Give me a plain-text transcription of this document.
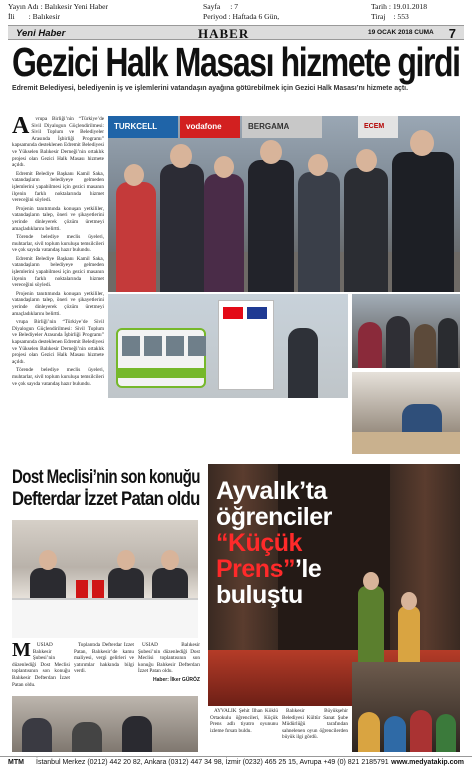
Yayın Adı : Balıkesir Yeni Haber	Sayfa : 7	Tarih : 19.01.2018
İli : Balıkesir	Periyod : Haftada 6 Gün,	Tiraj : 553
Yeni Haber	HABER	19 OCAK 2018 CUMA 7
Gezici Halk Masası hizmete girdi
Edremit Belediyesi, belediyenin iş ve işlemlerini vatandaşın ayağına götürebilmek için Gezici Halk Masası’nı hizmete açtı.
A	vrupa Birliği’nin “Türkiye’de Sivil Diyalogun Güçlendirilmesi: Sivil Toplum ve Belediyeler Arasında İşbirliği Programı” kapsamında desteklenen Edremit Belediyesi ve Yükselen Balıkesir Derneği’nin ortaklık projesi olan Gezici Halk Masası hizmete açıldı.

Edremit Belediye Başkanı Kamil Saka, vatandaşların belediyeye gelmeden işlemlerini yapabilmesi için gezici masanın ilçenin farklı noktalarında hizmet vereceğini söyledi.

Projenin tanıtımında konuşan yetkililer, vatandaşların talep, öneri ve şikayetlerini yerinde dinleyerek çözüm üretmeyi amaçladıklarını belirtti.

Törende belediye meclis üyeleri, muhtarlar, sivil toplum kuruluşu temsilcileri ve çok sayıda vatandaş hazır bulundu.

Edremit Belediye Başkanı Kamil Saka, vatandaşların belediyeye gelmeden işlemlerini yapabilmesi için gezici masanın ilçenin farklı noktalarında hizmet vereceğini söyledi.

Projenin tanıtımında konuşan yetkililer, vatandaşların talep, öneri ve şikayetlerini yerinde dinleyerek çözüm üretmeyi amaçladıklarını belirtti.

vrupa Birliği’nin “Türkiye’de Sivil Diyalogun Güçlendirilmesi: Sivil Toplum ve Belediyeler Arasında İşbirliği Programı” kapsamında desteklenen Edremit Belediyesi ve Yükselen Balıkesir Derneği’nin ortaklık projesi olan Gezici Halk Masası hizmete açıldı.

Törende belediye meclis üyeleri, muhtarlar, sivil toplum kuruluşu temsilcileri ve çok sayıda vatandaş hazır bulundu.

TURKCELL	vodafone	BERGAMA	ECEM
Dost Meclisi’nin son konuğu
Defterdar İzzet Patan oldu
M	ÜSİAD Balıkesir Şubesi’nin düzenlediği Dost Meclisi toplantısının son konuğu Balıkesir Defterdarı İzzet Patan oldu.

Toplantıda Defterdar İzzet Patan, Balıkesir’de kamu maliyesi, vergi gelirleri ve yatırımlar hakkında bilgi verdi.

ÜSİAD Balıkesir Şubesi’nin düzenlediği Dost Meclisi toplantısının son konuğu Balıkesir Defterdarı İzzet Patan oldu.

Haber: İlker GÜRÖZ
Ayvalık’ta
öğrenciler
“Küçük
Prens”’le
buluştu

AYVALIK Şehit İlhan Köklü Ortaokulu öğrencileri, Küçük Prens adlı tiyatro oyununu izleme fırsatı buldu.

Balıkesir Büyükşehir Belediyesi Kültür Sanat Şube Müdürlüğü tarafından sahnelenen oyun öğrencilerden büyük ilgi gördü.

MTM İstanbul Merkez (0212) 442 20 82, Ankara (0312) 447 34 98, İzmir (0232) 465 25 15, Avrupa +49 (0) 821 2185791 www.medyatakip.com
